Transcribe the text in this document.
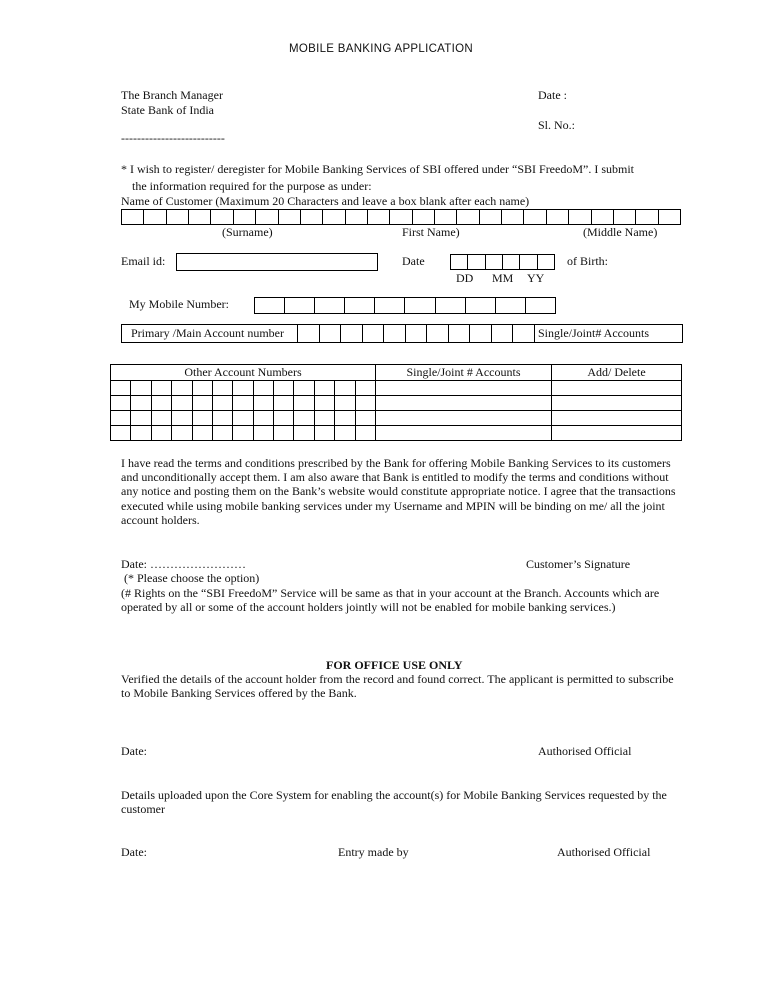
MOBILE BANKING APPLICATION
The Branch Manager
State Bank of India
--------------------------
Date :
Sl. No.:
* I wish to register/ deregister for Mobile Banking Services of SBI offered under “SBI FreedoM”. I submit
the information required for the purpose as under:
Name of Customer (Maximum 20 Characters and leave a box blank after each name)
(Surname)	First Name)	(Middle Name)
Email id:	Date	of Birth:
DD MM YY
My Mobile Number:
Primary /Main Account number	Single/Joint# Accounts
Other Account Numbers													Single/Joint # Accounts	Add/ Delete

I have read the terms and conditions prescribed by the Bank for offering Mobile Banking Services to its customers and unconditionally accept them. I am also aware that Bank is entitled to modify the terms and conditions without any notice and posting them on the Bank’s website would constitute appropriate notice. I agree that the transactions executed while using mobile banking services under my Username and MPIN will be binding on me/ all the joint account holders.
Date: ……………………	Customer’s Signature
(* Please choose the option)
(# Rights on the “SBI FreedoM” Service will be same as that in your account at the Branch. Accounts which are operated by all or some of the account holders jointly will not be enabled for mobile banking services.)
FOR OFFICE USE ONLY
Verified the details of the account holder from the record and found correct. The applicant is permitted to subscribe to Mobile Banking Services offered by the Bank.
Date:	Authorised Official
Details uploaded upon the Core System for enabling the account(s) for Mobile Banking Services requested by the customer
Date:	Entry made by	Authorised Official
